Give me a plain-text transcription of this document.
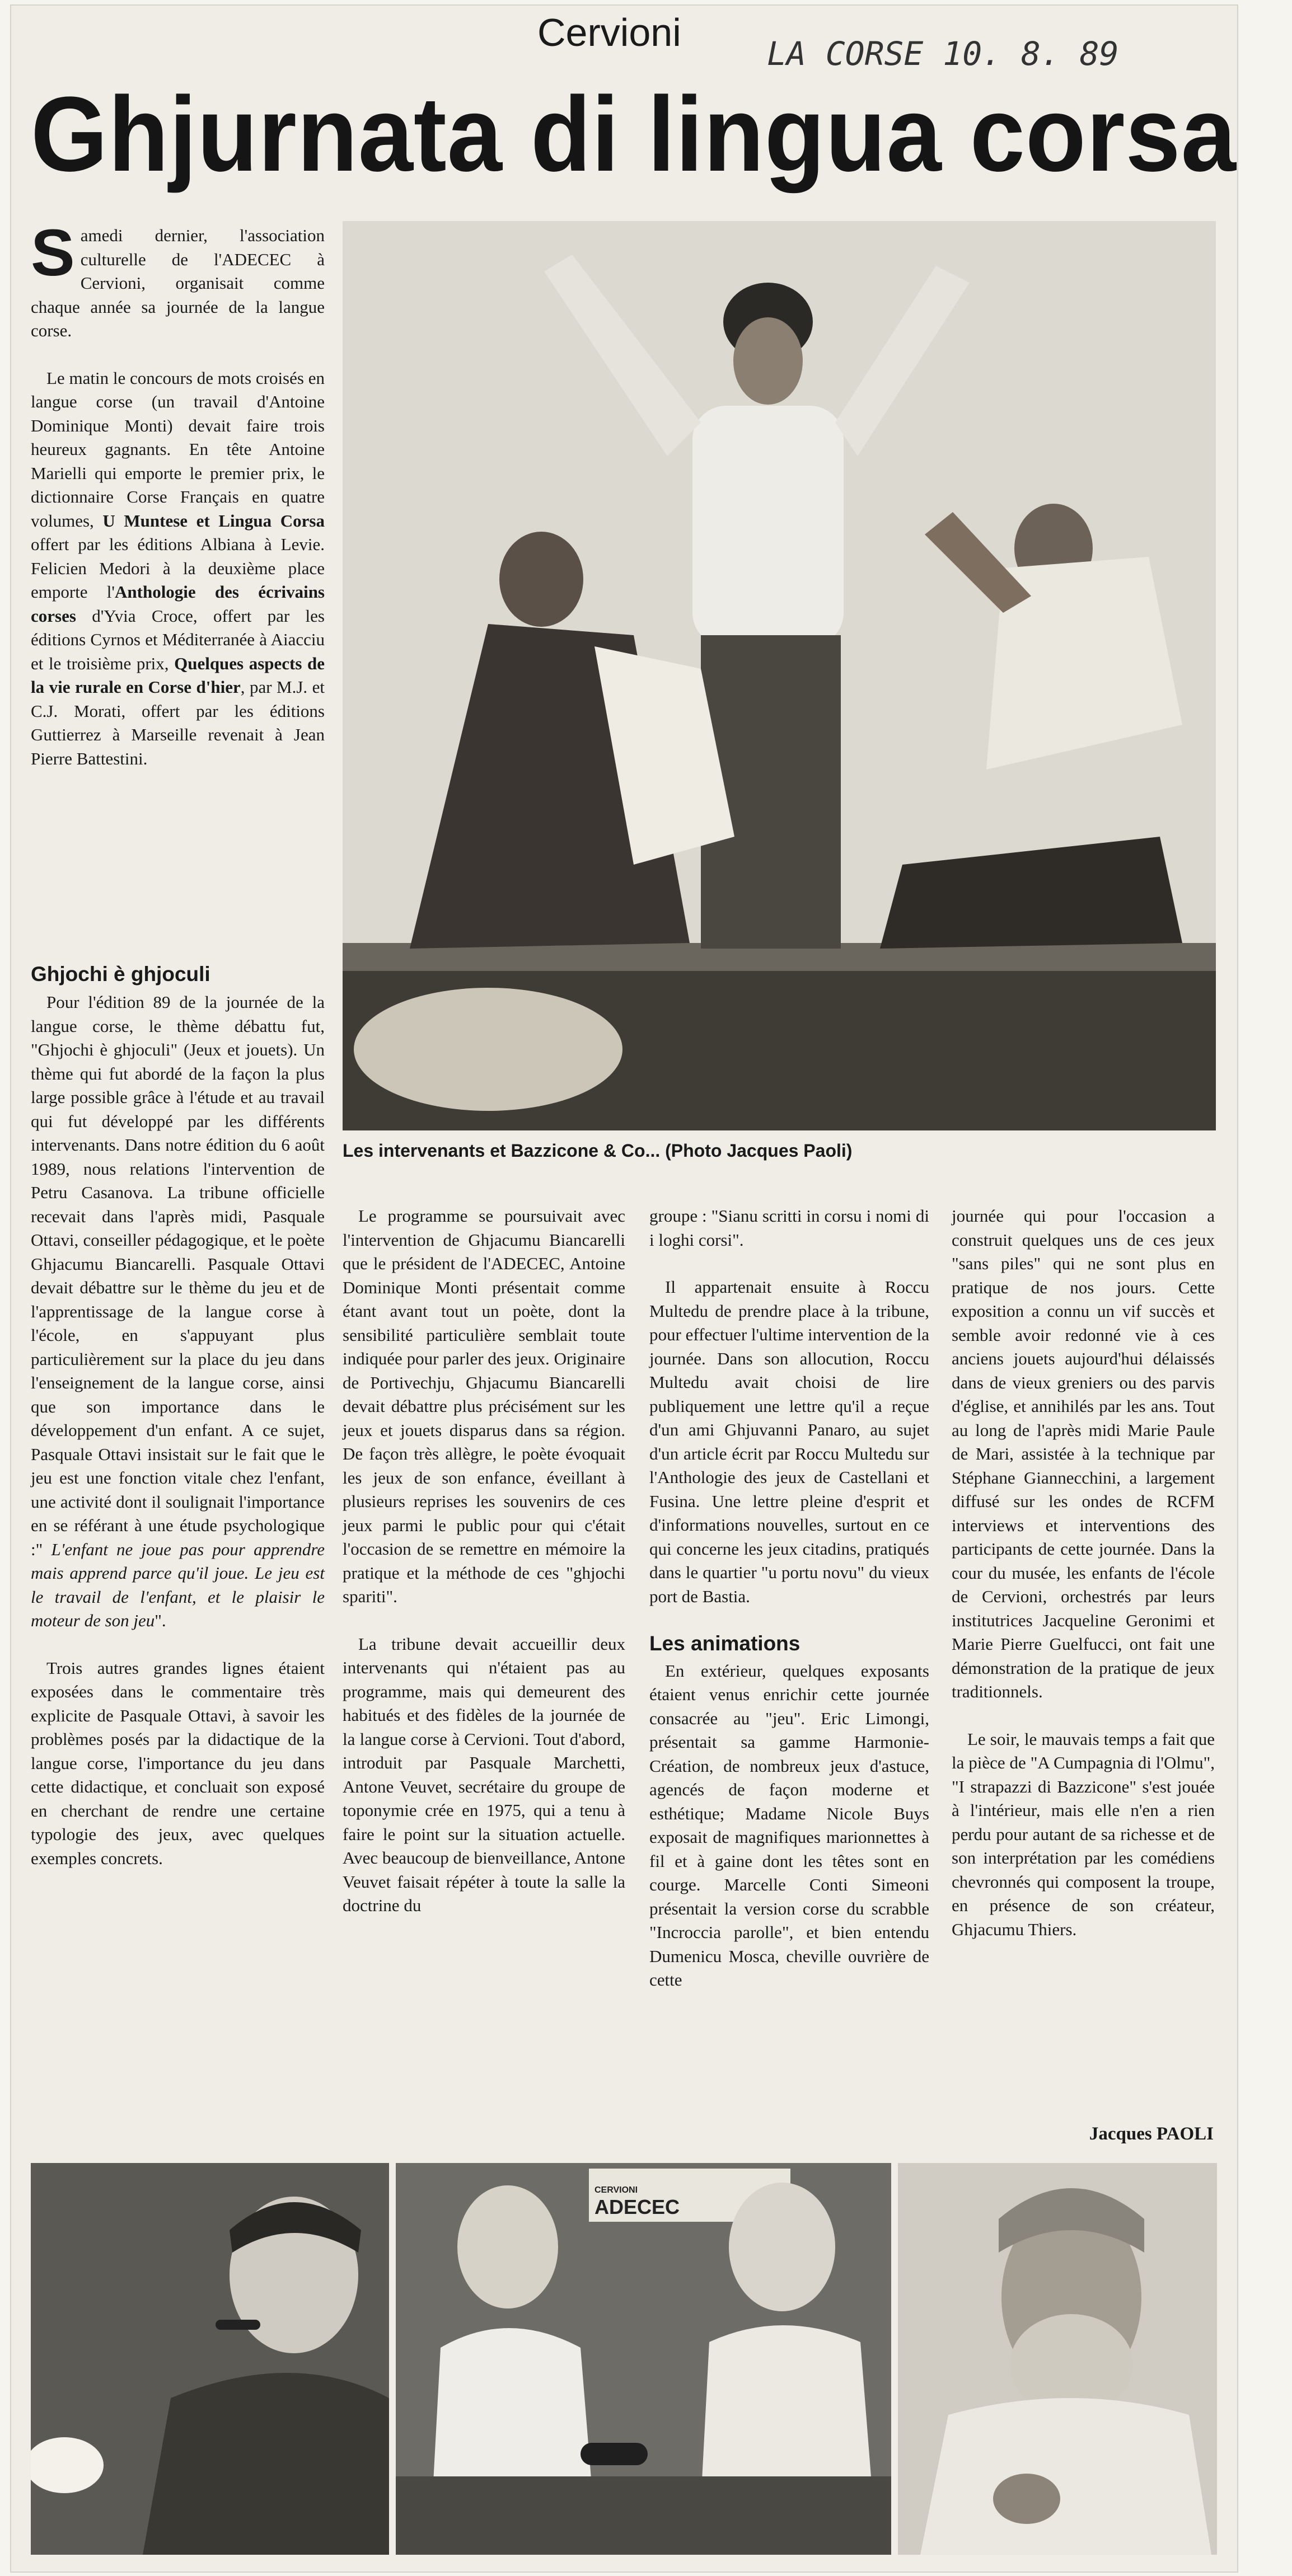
Cervioni	LA CORSE 10. 8. 89
Ghjurnata di lingua corsa
Les intervenants et Bazzicone & Co... (Photo Jacques Paoli)

Samedi dernier, l'association culturelle de l'ADECEC à Cervioni, organisait comme chaque année sa journée de la langue corse.

Le matin le concours de mots croisés en langue corse (un travail d'Antoine Dominique Monti) devait faire trois heureux gagnants. En tête Antoine Marielli qui emporte le premier prix, le dictionnaire Corse Français en quatre volumes, U Muntese et Lingua Corsa offert par les éditions Albiana à Levie. Felicien Medori à la deuxième place emporte l'Anthologie des écrivains corses d'Yvia Croce, offert par les éditions Cyrnos et Méditerranée à Aiacciu et le troisième prix, Quelques aspects de la vie rurale en Corse d'hier, par M.J. et C.J. Morati, offert par les éditions Guttierrez à Marseille revenait à Jean Pierre Battestini.

Ghjochi è ghjoculi

Pour l'édition 89 de la journée de la langue corse, le thème débattu fut, "Ghjochi è ghjoculi" (Jeux et jouets). Un thème qui fut abordé de la façon la plus large possible grâce à l'étude et au travail qui fut développé par les différents intervenants. Dans notre édition du 6 août 1989, nous relations l'intervention de Petru Casanova. La tribune officielle recevait dans l'après midi, Pasquale Ottavi, conseiller pédagogique, et le poète Ghjacumu Biancarelli. Pasquale Ottavi devait débattre sur le thème du jeu et de l'apprentissage de la langue corse à l'école, en s'appuyant plus particulièrement sur la place du jeu dans l'enseignement de la langue corse, ainsi que son importance dans le développement d'un enfant. A ce sujet, Pasquale Ottavi insistait sur le fait que le jeu est une fonction vitale chez l'enfant, une activité dont il soulignait l'importance en se référant à une étude psychologique :" L'enfant ne joue pas pour apprendre mais apprend parce qu'il joue. Le jeu est le travail de l'enfant, et le plaisir le moteur de son jeu".

Trois autres grandes lignes étaient exposées dans le commentaire très explicite de Pasquale Ottavi, à savoir les problèmes posés par la didactique de la langue corse, l'importance du jeu dans cette didactique, et concluait son exposé en cherchant de rendre une certaine typologie des jeux, avec quelques exemples concrets.

Le programme se poursuivait avec l'intervention de Ghjacumu Biancarelli que le président de l'ADECEC, Antoine Dominique Monti présentait comme étant avant tout un poète, dont la sensibilité particulière semblait toute indiquée pour parler des jeux. Originaire de Portivechju, Ghjacumu Biancarelli devait débattre plus précisément sur les jeux et jouets disparus dans sa région. De façon très allègre, le poète évoquait les jeux de son enfance, éveillant à plusieurs reprises les souvenirs de ces jeux parmi le public pour qui c'était l'occasion de se remettre en mémoire la pratique et la méthode de ces "ghjochi spariti".

La tribune devait accueillir deux intervenants qui n'étaient pas au programme, mais qui demeurent des habitués et des fidèles de la journée de la langue corse à Cervioni. Tout d'abord, introduit par Pasquale Marchetti, Antone Veuvet, secrétaire du groupe de toponymie crée en 1975, qui a tenu à faire le point sur la situation actuelle. Avec beaucoup de bienveillance, Antone Veuvet faisait répéter à toute la salle la doctrine du

groupe : "Sianu scritti in corsu i nomi di i loghi corsi".

Il appartenait ensuite à Roccu Multedu de prendre place à la tribune, pour effectuer l'ultime intervention de la journée. Dans son allocution, Roccu Multedu avait choisi de lire publiquement une lettre qu'il a reçue d'un ami Ghjuvanni Panaro, au sujet d'un article écrit par Roccu Multedu sur l'Anthologie des jeux de Castellani et Fusina. Une lettre pleine d'esprit et d'informations nouvelles, surtout en ce qui concerne les jeux citadins, pratiqués dans le quartier "u portu novu" du vieux port de Bastia.

Les animations

En extérieur, quelques exposants étaient venus enrichir cette journée consacrée au "jeu". Eric Limongi, présentait sa gamme Harmonie-Création, de nombreux jeux d'astuce, agencés de façon moderne et esthétique; Madame Nicole Buys exposait de magnifiques marionnettes à fil et à gaine dont les têtes sont en courge. Marcelle Conti Simeoni présentait la version corse du scrabble "Incroccia parolle", et bien entendu Dumenicu Mosca, cheville ouvrière de cette

journée qui pour l'occasion a construit quelques uns de ces jeux "sans piles" qui ne sont plus en pratique de nos jours. Cette exposition a connu un vif succès et semble avoir redonné vie à ces anciens jouets aujourd'hui délaissés dans de vieux greniers ou des parvis d'église, et annihilés par les ans. Tout au long de l'après midi Marie Paule de Mari, assistée à la technique par Stéphane Giannecchini, a largement diffusé sur les ondes de RCFM interviews et interventions des participants de cette journée. Dans la cour du musée, les enfants de l'école de Cervioni, orchestrés par leurs institutrices Jacqueline Geronimi et Marie Pierre Guelfucci, ont fait une démonstration de la pratique de jeux traditionnels.

Le soir, le mauvais temps a fait que la pièce de "A Cumpagnia di l'Olmu", "I strapazzi di Bazzicone" s'est jouée à l'intérieur, mais elle n'en a rien perdu pour autant de sa richesse et de son interprétation par les comédiens chevronnés qui composent la troupe, en présence de son créateur, Ghjacumu Thiers.

Jacques PAOLI
CERVIONI
ADECEC
